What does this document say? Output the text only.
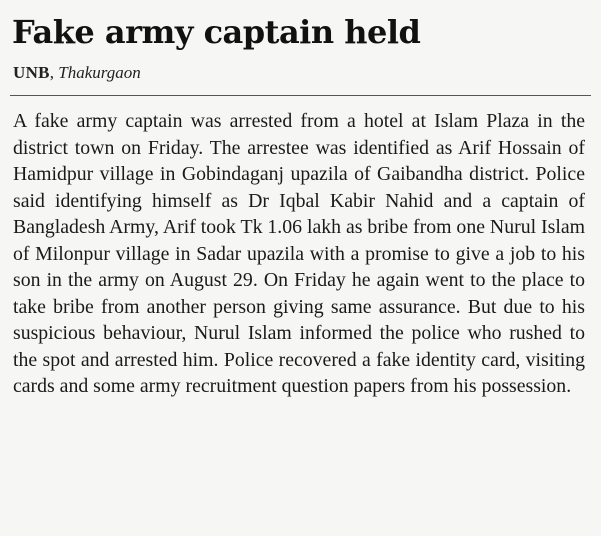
Fake army captain held
UNB, Thakurgaon

A fake army captain was arrested from a hotel at Islam Plaza in the district town on Friday. The arrestee was identified as Arif Hossain of Hamidpur village in Gobindaganj upazila of Gaibandha district. Police said identifying himself as Dr Iqbal Kabir Nahid and a captain of Bangladesh Army, Arif took Tk 1.06 lakh as bribe from one Nurul Islam of Milonpur village in Sadar upazila with a promise to give a job to his son in the army on August 29. On Friday he again went to the place to take bribe from another person giving same assurance. But due to his suspicious behaviour, Nurul Islam informed the police who rushed to the spot and arrested him. Police recovered a fake identity card, visiting cards and some army recruitment question papers from his possession.
